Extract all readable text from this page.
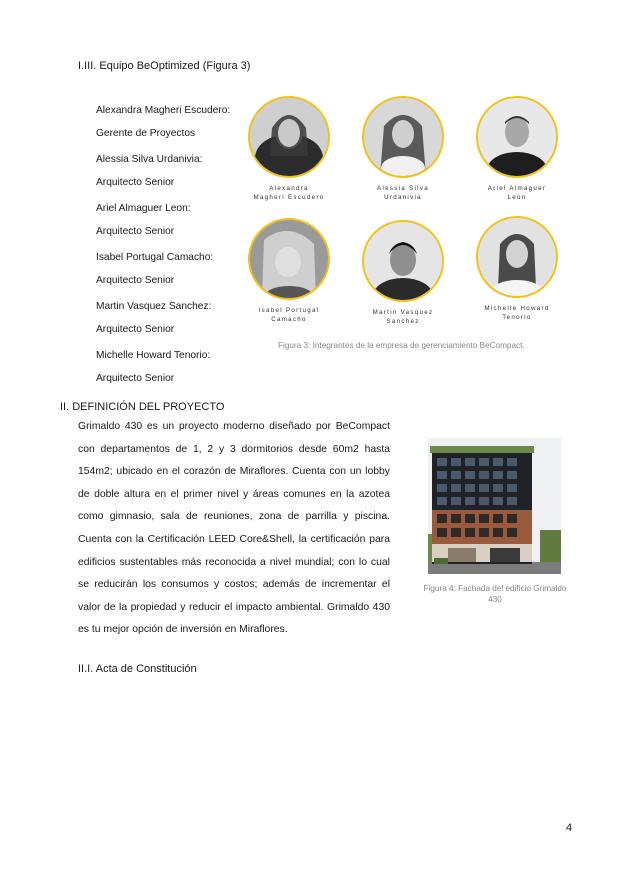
I.III. Equipo BeOptimized (Figura 3)
Alexandra Magheri Escudero:
Gerente de Proyectos
Alessia Silva Urdanivia:
Arquitecto Senior
Ariel Almaguer Leon:
Arquitecto Senior
Isabel Portugal Camacho:
Arquitecto Senior
Martin Vasquez Sanchez:
Arquitecto Senior
Michelle Howard Tenorio:
Arquitecto Senior
Alexandra
Magheri Escudero
Alessia Silva
Urdanivia
Ariel Almaguer
Leon
Isabel Portugal
Camacho
Martin Vasquez
Sanchez
Michelle Howard
Tenorio
Figura 3: Integrantes de la empresa de gerenciamiento BeCompact.
II. DEFINICIÓN DEL PROYECTO
Grimaldo 430 es un proyecto moderno diseñado por BeCompact con departamentos de 1, 2 y 3 dormitorios desde 60m2 hasta 154m2; ubicado en el corazón de Miraflores. Cuenta con un lobby de doble altura en el primer nivel y áreas comunes en la azotea como gimnasio, sala de reuniones, zona de parrilla y piscina. Cuenta con la Certificación LEED Core&Shell, la certificación para edificios sustentables más reconocida a nivel mundial; con lo cual se reducirán los consumos y costos; además de incrementar el valor de la propiedad y reducir el impacto ambiental. Grimaldo 430 es tu mejor opción de inversión en Miraflores.
Figura 4: Fachada del edificio Grimaldo
430
II.I. Acta de Constitución
4
